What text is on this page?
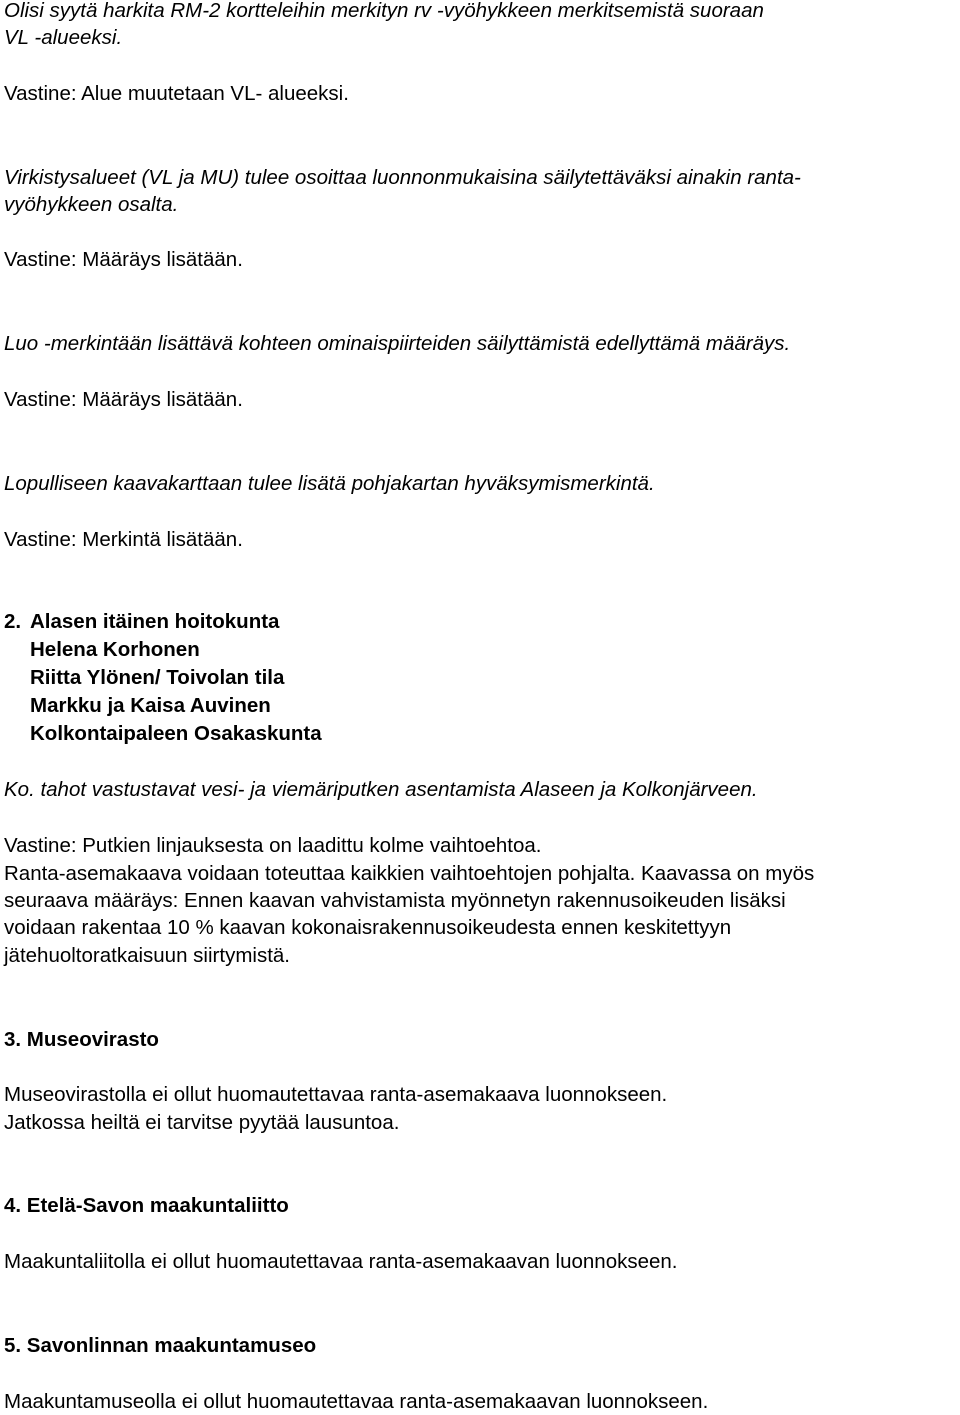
Olisi syytä harkita RM-2 kortteleihin merkityn rv -vyöhykkeen merkitsemistä suoraan
VL -alueeksi.
Vastine: Alue muutetaan VL- alueeksi.
Virkistysalueet (VL ja MU) tulee osoittaa luonnonmukaisina säilytettäväksi ainakin ranta-
vyöhykkeen osalta.
Vastine: Määräys lisätään.
Luo -merkintään lisättävä kohteen ominaispiirteiden säilyttämistä edellyttämä määräys.
Vastine: Määräys lisätään.
Lopulliseen kaavakarttaan tulee lisätä pohjakartan hyväksymismerkintä.
Vastine: Merkintä lisätään.
2. Alasen itäinen hoitokunta
Helena Korhonen
Riitta Ylönen/ Toivolan tila
Markku ja Kaisa Auvinen
Kolkontaipaleen Osakaskunta
Ko. tahot vastustavat vesi- ja viemäriputken asentamista Alaseen ja Kolkonjärveen.
Vastine: Putkien linjauksesta on laadittu kolme vaihtoehtoa.
Ranta-asemakaava voidaan toteuttaa kaikkien vaihtoehtojen pohjalta. Kaavassa on myös
seuraava määräys: Ennen kaavan vahvistamista myönnetyn rakennusoikeuden lisäksi
voidaan rakentaa 10 % kaavan kokonaisrakennusoikeudesta ennen keskitettyyn
jätehuoltoratkaisuun siirtymistä.
3. Museovirasto
Museovirastolla ei ollut huomautettavaa ranta-asemakaava luonnokseen.
Jatkossa heiltä ei tarvitse pyytää lausuntoa.
4. Etelä-Savon maakuntaliitto
Maakuntaliitolla ei ollut huomautettavaa ranta-asemakaavan luonnokseen.
5. Savonlinnan maakuntamuseo
Maakuntamuseolla ei ollut huomautettavaa ranta-asemakaavan luonnokseen.
